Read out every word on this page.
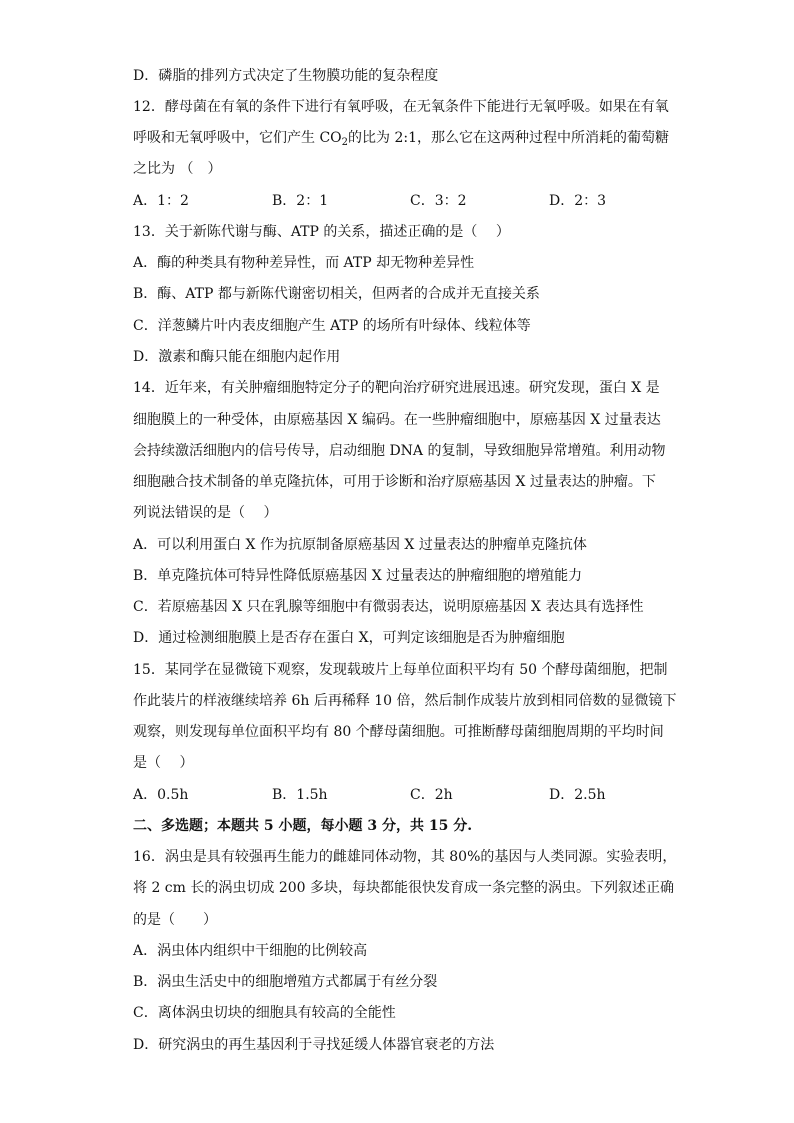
D．磷脂的排列方式决定了生物膜功能的复杂程度
12．酵母菌在有氧的条件下进行有氧呼吸，在无氧条件下能进行无氧呼吸。如果在有氧
呼吸和无氧呼吸中，它们产生 $CO_2$的比为 2:1，那么它在这两种过程中所消耗的葡萄糖
之比为 （　）
A．1：2	B．2：1	C．3：2	D．2：3
13．关于新陈代谢与酶、ATP 的关系，描述正确的是（　 ）
A．酶的种类具有物种差异性，而 ATP 却无物种差异性
B．酶、ATP 都与新陈代谢密切相关，但两者的合成并无直接关系
C．洋葱鳞片叶内表皮细胞产生 ATP 的场所有叶绿体、线粒体等
D．激素和酶只能在细胞内起作用
14．近年来，有关肿瘤细胞特定分子的靶向治疗研究进展迅速。研究发现，蛋白 X 是
细胞膜上的一种受体，由原癌基因 X 编码。在一些肿瘤细胞中，原癌基因 X 过量表达
会持续激活细胞内的信号传导，启动细胞 DNA 的复制，导致细胞异常增殖。利用动物
细胞融合技术制备的单克隆抗体，可用于诊断和治疗原癌基因 X 过量表达的肿瘤。下
列说法错误的是（　 ）
A．可以利用蛋白 X 作为抗原制备原癌基因 X 过量表达的肿瘤单克隆抗体
B．单克隆抗体可特异性降低原癌基因 X 过量表达的肿瘤细胞的增殖能力
C．若原癌基因 X 只在乳腺等细胞中有微弱表达，说明原癌基因 X 表达具有选择性
D．通过检测细胞膜上是否存在蛋白 X，可判定该细胞是否为肿瘤细胞
15．某同学在显微镜下观察，发现载玻片上每单位面积平均有 50 个酵母菌细胞，把制
作此装片的样液继续培养 6h 后再稀释 10 倍，然后制作成装片放到相同倍数的显微镜下
观察，则发现每单位面积平均有 80 个酵母菌细胞。可推断酵母菌细胞周期的平均时间
是（　 ）
A．0.5h	B．1.5h	C．2h	D．2.5h
二、多选题；本题共 5 小题，每小题 3 分，共 15 分.
16．涡虫是具有较强再生能力的雌雄同体动物，其 80%的基因与人类同源。实验表明，
将 2 cm 长的涡虫切成 200 多块，每块都能很快发育成一条完整的涡虫。下列叙述正确
的是（　　）
A．涡虫体内组织中干细胞的比例较高
B．涡虫生活史中的细胞增殖方式都属于有丝分裂
C．离体涡虫切块的细胞具有较高的全能性
D．研究涡虫的再生基因利于寻找延缓人体器官衰老的方法
